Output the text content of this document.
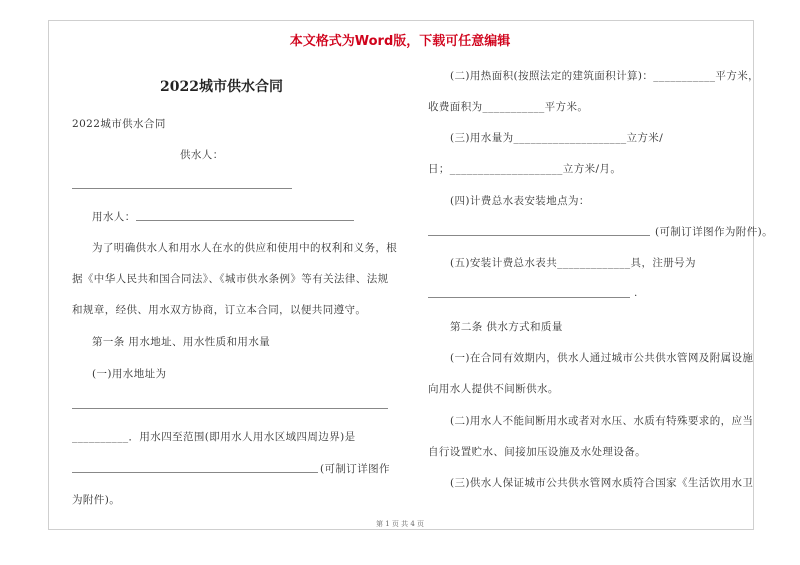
本文格式为Word版，下载可任意编辑
2022城市供水合同
2022城市供水合同
供水人：
用水人：
为了明确供水人和用水人在水的供应和使用中的权利和义务，根
据《中华人民共和国合同法》、《城市供水条例》等有关法律、法规
和规章，经供、用水双方协商，订立本合同，以便共同遵守。
第一条 用水地址、用水性质和用水量
(一)用水地址为
__________．用水四至范围(即用水人用水区域四周边界)是
(可制订详图作
为附件)。
(二)用热面积(按照法定的建筑面积计算)：___________平方米，
收费面积为___________平方米。
(三)用水量为____________________立方米/
日；____________________立方米/月。
(四)计费总水表安装地点为：
(可制订详图作为附件)。
(五)安装计费总水表共_____________具，注册号为
.
第二条 供水方式和质量
(一)在合同有效期内，供水人通过城市公共供水管网及附属设施
向用水人提供不间断供水。
(二)用水人不能间断用水或者对水压、水质有特殊要求的，应当
自行设置贮水、间接加压设施及水处理设备。
(三)供水人保证城市公共供水管网水质符合国家《生活饮用水卫
第 1 页 共 4 页
